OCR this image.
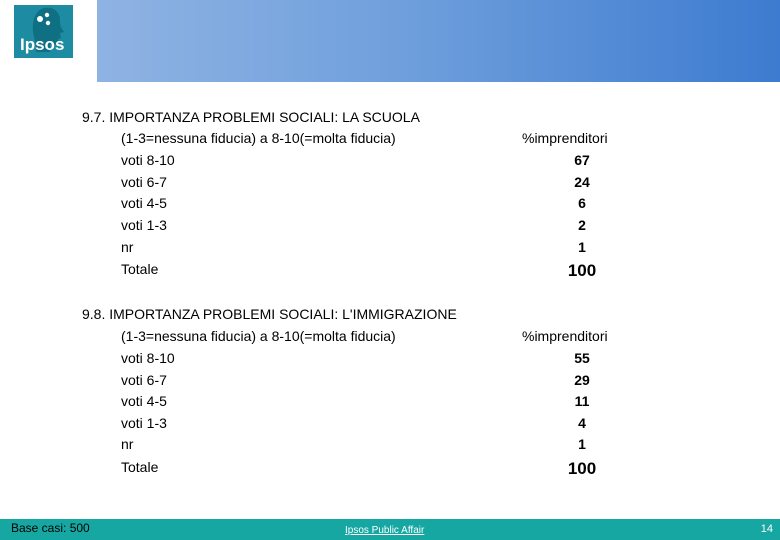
Ipsos
9.7. IMPORTANZA PROBLEMI SOCIALI: LA SCUOLA
(1-3=nessuna fiducia) a 8-10(=molta fiducia)	%imprenditori
voti 8-10	67
voti 6-7	24
voti 4-5	6
voti 1-3	2
nr	1
Totale	100
9.8. IMPORTANZA PROBLEMI SOCIALI: L'IMMIGRAZIONE
(1-3=nessuna fiducia) a 8-10(=molta fiducia)	%imprenditori
voti 8-10	55
voti 6-7	29
voti 4-5	11
voti 1-3	4
nr	1
Totale	100
Base casi: 500	Ipsos Public Affair	14
